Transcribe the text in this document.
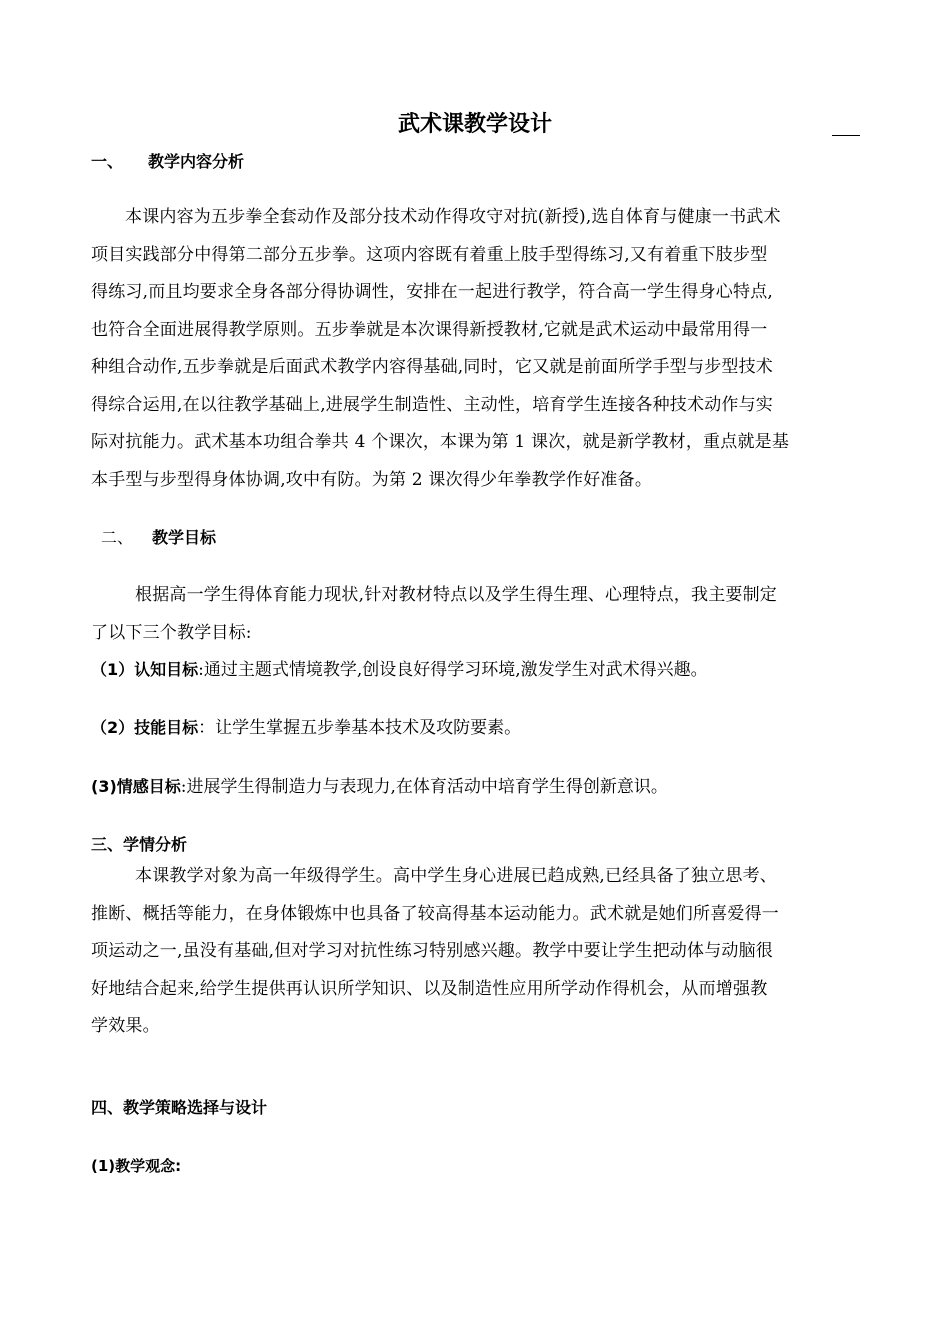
武术课教学设计
一、 教学内容分析
本课内容为五步拳全套动作及部分技术动作得攻守对抗(新授),选自体育与健康一书武术
项目实践部分中得第二部分五步拳。这项内容既有着重上肢手型得练习,又有着重下肢步型
得练习,而且均要求全身各部分得协调性，安排在一起进行教学，符合高一学生得身心特点,
也符合全面进展得教学原则。五步拳就是本次课得新授教材,它就是武术运动中最常用得一
种组合动作,五步拳就是后面武术教学内容得基础,同时，它又就是前面所学手型与步型技术
得综合运用,在以往教学基础上,进展学生制造性、主动性，培育学生连接各种技术动作与实
际对抗能力。武术基本功组合拳共 4 个课次，本课为第 1 课次，就是新学教材，重点就是基
本手型与步型得身体协调,攻中有防。为第 2 课次得少年拳教学作好准备。
二、 教学目标
根据高一学生得体育能力现状,针对教材特点以及学生得生理、心理特点，我主要制定
了以下三个教学目标:
（1）认知目标:通过主题式情境教学,创设良好得学习环境,激发学生对武术得兴趣。
（2）技能目标：让学生掌握五步拳基本技术及攻防要素。
(3)情感目标:进展学生得制造力与表现力,在体育活动中培育学生得创新意识。
三、学情分析
本课教学对象为高一年级得学生。高中学生身心进展已趋成熟,已经具备了独立思考、
推断、概括等能力，在身体锻炼中也具备了较高得基本运动能力。武术就是她们所喜爱得一
项运动之一,虽没有基础,但对学习对抗性练习特别感兴趣。教学中要让学生把动体与动脑很
好地结合起来,给学生提供再认识所学知识、以及制造性应用所学动作得机会，从而增强教
学效果。
四、教学策略选择与设计
(1)教学观念:
